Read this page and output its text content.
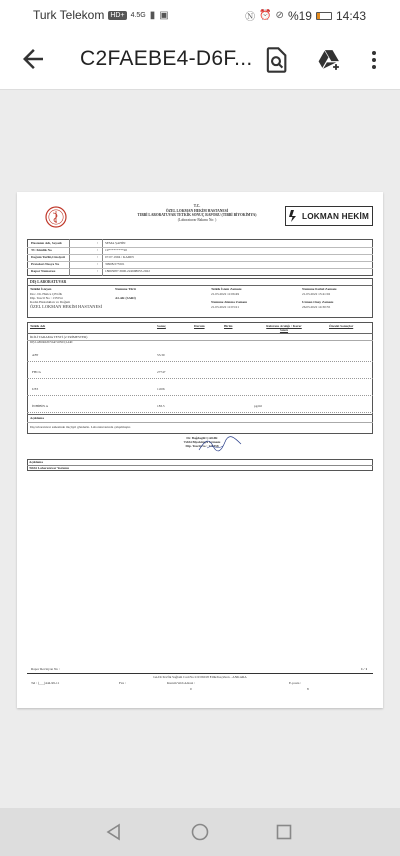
Turk Telekom HD+ 4.5G ▮ ▣	Ⓝ ⏰ ⊘ %19 14:43
C2FAEBE4-D6F...
T.C.
ÖZEL LOKMAN HEKİM HASTANESİ
TIBBİ LABORATUVAR TETKİK SONUÇ RAPORU (TIBBİ BİYOKİMYA)
(Laboratuvar Bakımı No: )	LOKMAN HEKİM
DIŞ LABORATUVAR
Tetkiki İsteyen
Doc. Dr. Hatice ÇELİK
Dip. Tescil No : 135554
Kadın Hastalıkları ve Doğum
ÖZEL LOKMAN HEKİM HASTANESİ
Numune Türü
ALAR (SARI)
Tetkik İstem Zamanı
21.03.2022 11:06:49
Numune Alınma Zamanı
21.03.2022 11:03:21
Numune Kabul Zamanı
21.03.2022 13:41:02
Uzman Onay Zamanı
26.03.2022 14:30:35
İKİLİ TARAMA TESTİ (2.TRİMESTER)
DIŞ LABORATUVAR SONUÇLARI
Açıklama
Dış laboratuvar sahesinde ilaçlıyıl gönderin. Laboratuvarında çalışılmıştır.
Dr. Bağdagül ÇAKIR
Tıbbi Biyokimya Uzmanı
Dip. Tescil No : 128358
Açıklama
Tıbbi Laboratuvar Yorumu
Rapor Revizyon No :	1 / 1
Gn.Dr.Tevfik Sağlam Cad.No:119 06018 Etlik/Keçiören - ANKARA
Tel : (___)444-99-11	Fax :	Kurum Web Adresi :	E-posta :
0	8
Hastanın Adı, Soyadı	: SEMA ŞAHİN
TC Kimlik No	: 19*********20
Doğum Tarihi,Cinsiyeti	: 07.07.1994 / KADIN
Protokol /Dosya No	: 39908/275501
Rapor Numarası	: 18663087.3600.224698655.2022
Tetkik Adı	Sonuç	Durum	Birim	Referans Aralığı / Karar Sınırı
Önceki Sonuçlar
AFP	53.30
FHCG	27747
UE3	1.006
İNHİBİN A	183.5	pg/ml
